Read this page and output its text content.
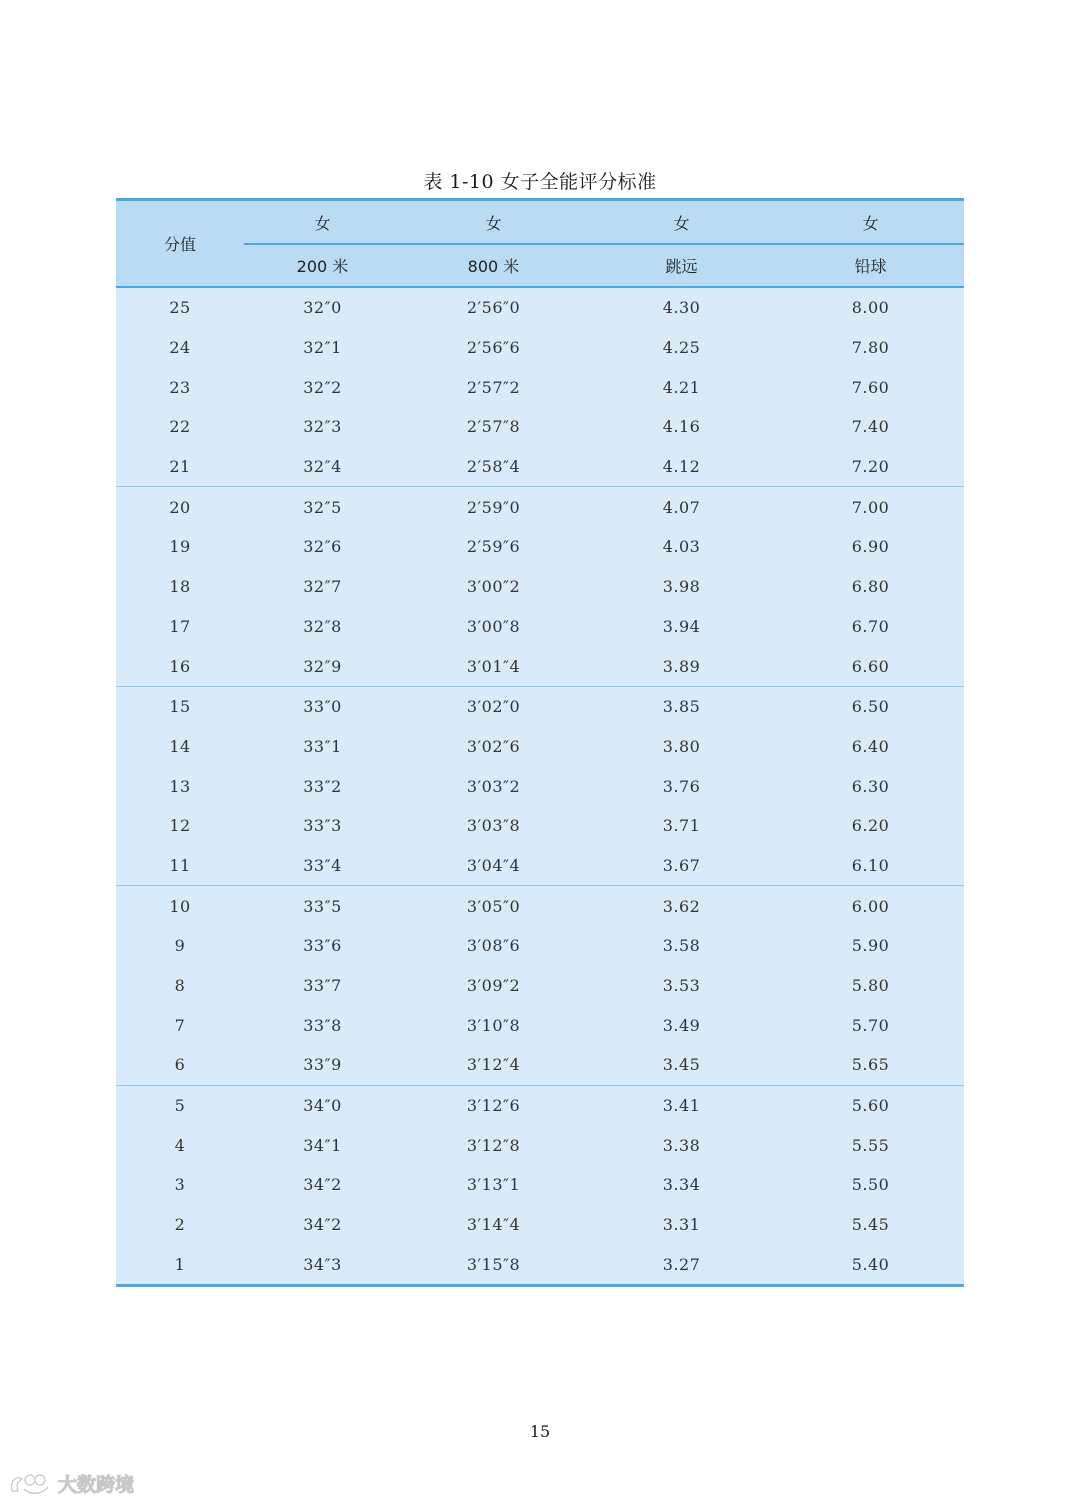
表 1-10 女子全能评分标准
分值	女	女	女	女
	200 米	800 米	跳远	铅球
25	32″0	2′56″0	4.30	8.00
24	32″1	2′56″6	4.25	7.80
23	32″2	2′57″2	4.21	7.60
22	32″3	2′57″8	4.16	7.40
21	32″4	2′58″4	4.12	7.20
20	32″5	2′59″0	4.07	7.00
19	32″6	2′59″6	4.03	6.90
18	32″7	3′00″2	3.98	6.80
17	32″8	3′00″8	3.94	6.70
16	32″9	3′01″4	3.89	6.60
15	33″0	3′02″0	3.85	6.50
14	33″1	3′02″6	3.80	6.40
13	33″2	3′03″2	3.76	6.30
12	33″3	3′03″8	3.71	6.20
11	33″4	3′04″4	3.67	6.10
10	33″5	3′05″0	3.62	6.00
9	33″6	3′08″6	3.58	5.90
8	33″7	3′09″2	3.53	5.80
7	33″8	3′10″8	3.49	5.70
6	33″9	3′12″4	3.45	5.65
5	34″0	3′12″6	3.41	5.60
4	34″1	3′12″8	3.38	5.55
3	34″2	3′13″1	3.34	5.50
2	34″2	3′14″4	3.31	5.45
1	34″3	3′15″8	3.27	5.40
15
大数跨境
